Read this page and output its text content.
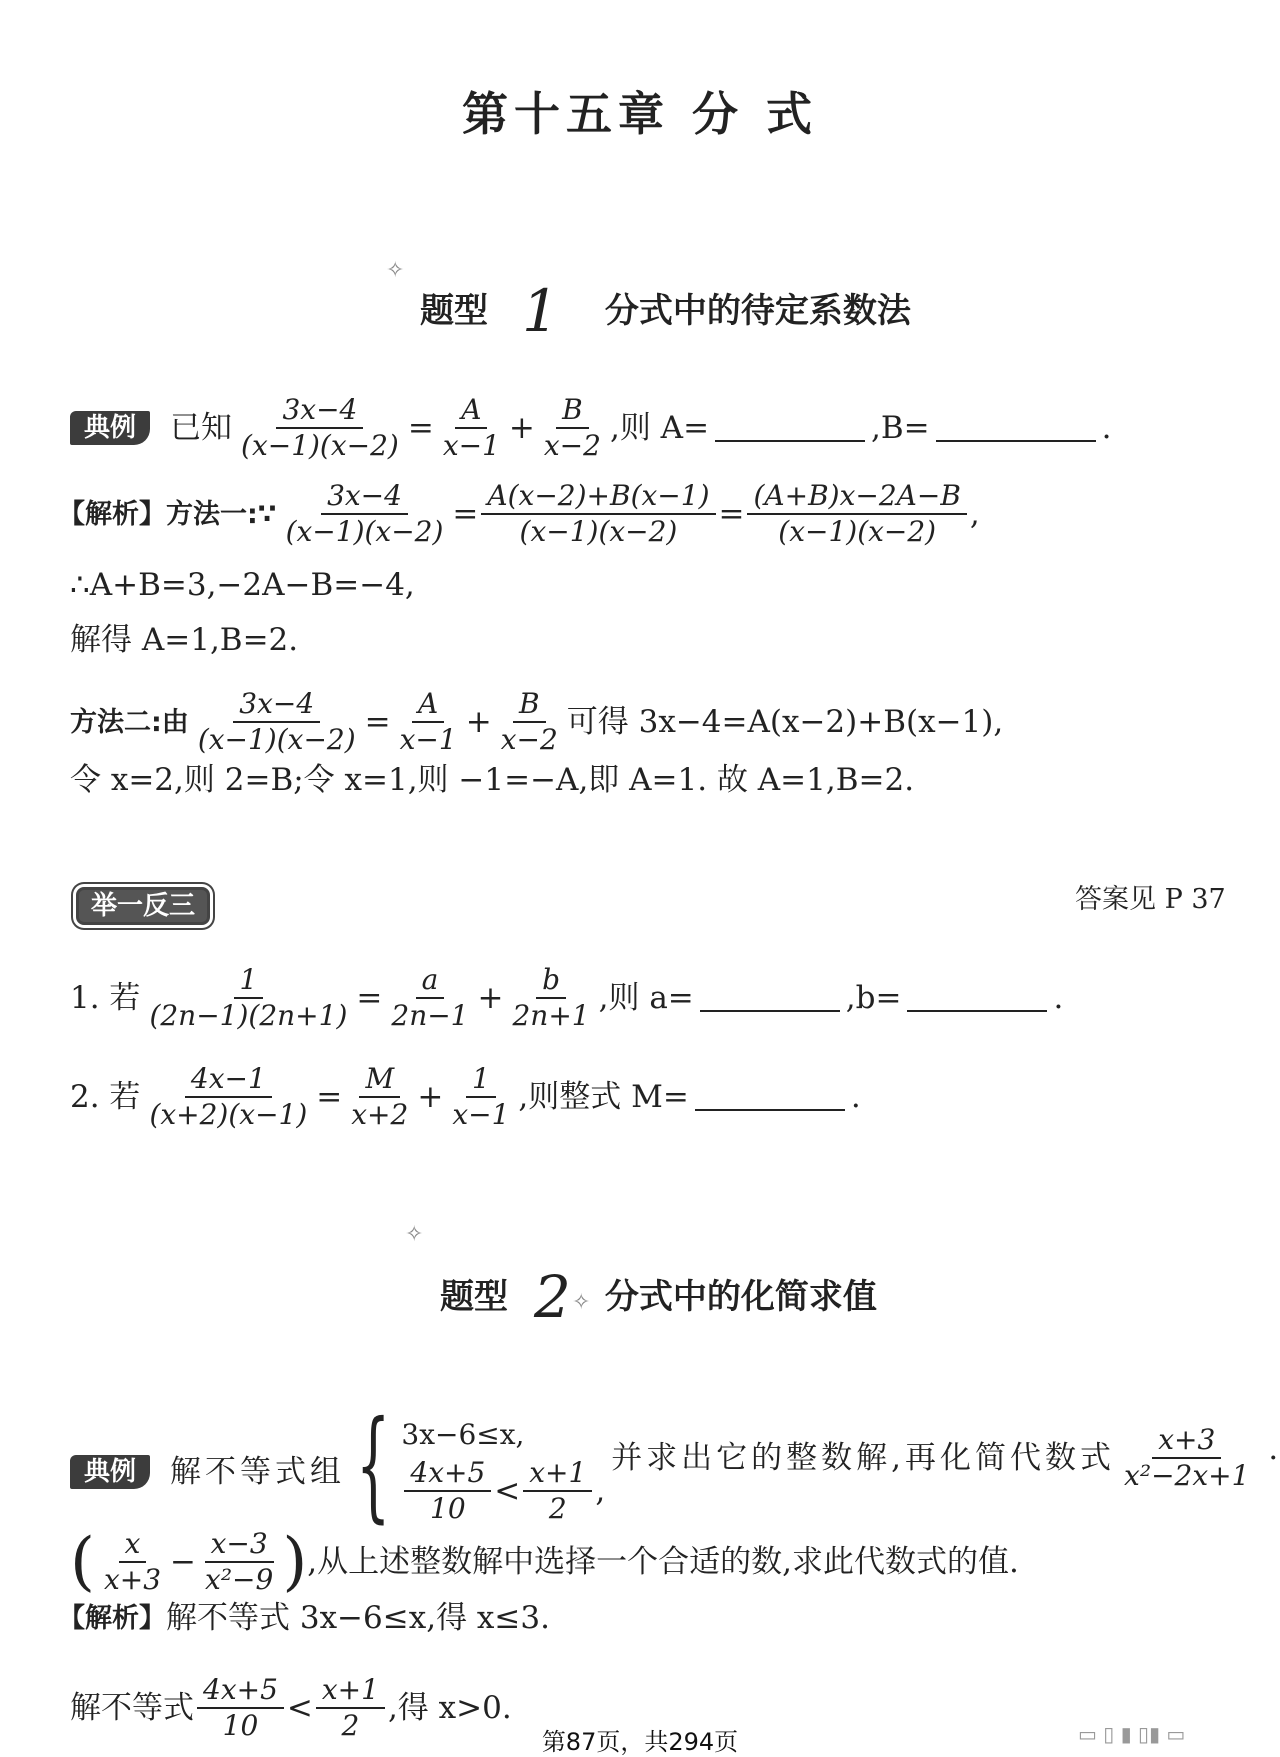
第十五章 分 式
✧
题型 1 分式中的待定系数法
典例	已知 $\frac{3x-4}{(x-1)(x-2)} = \frac{A}{x-1} + \frac{B}{x-2}$ ,则 A=	,B=	.
【解析】 方法一:∵ $\frac{3x-4}{(x-1)(x-2)} = \frac{A(x-2)+B(x-1)}{(x-1)(x-2)} = \frac{(A+B)x-2A-B}{(x-1)(x-2)}$ ,
∴A+B=3,−2A−B=−4,
解得 A=1,B=2.
方法二:由 $\frac{3x-4}{(x-1)(x-2)} = \frac{A}{x-1} + \frac{B}{x-2}$ 可得 3x−4=A(x−2)+B(x−1),
令 x=2,则 2=B;令 x=1,则 −1=−A,即 A=1. 故 A=1,B=2.
举一反三	答案见 P 37
1. 若 $\frac{1}{(2n-1)(2n+1)} = \frac{a}{2n-1} + \frac{b}{2n+1}$ ,则 a=	,b=	.
2. 若 $\frac{4x-1}{(x+2)(x-1)} = \frac{M}{x+2} + \frac{1}{x-1}$ ,则整式 M=	.
✧
✧
题型 2 分式中的化简求值
典例	解不等式组 { 3x−6≤x,
$\frac{4x+5}{10} < \frac{x+1}{2}$ ,
并求出它的整数解,再化简代数式 $\frac{x+3}{\text{x²−2x+1}}$ ·
( $\frac{x}{x+3} - \frac{x-3}{\text{x²−9}}$ ) ,从上述整数解中选择一个合适的数,求此代数式的值.
【解析】 解不等式 3x−6≤x,得 x≤3.
解不等式 $\frac{4x+5}{10} < \frac{x+1}{2}$ ,得 x>0.
第87页，共294页	▭ ▯ ▮ ▯▮ ▭
